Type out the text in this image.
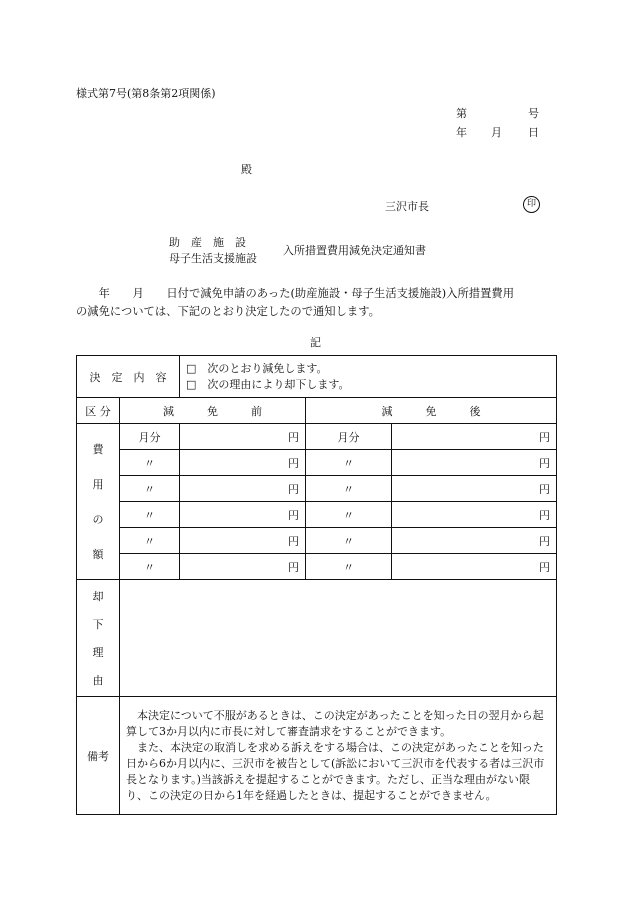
様式第7号(第8条第2項関係)
第	号
年 月 日
殿
三沢市長	印
助　産　施　設
母子生活支援施設
入所措置費用減免決定通知書
　　年　　月　　日付で減免申請のあった(助産施設・母子生活支援施設)入所措置費用
の減免については、下記のとおり決定したので通知します。
記
決　定　内　容		□　次のとおり減免します。
□　次の理由により却下します。		

区 分	減　　　免　　　前		減　　　免　　　後	

費
用
の
額	月分	円	月分	円
	〃	円	〃	円
	〃	円	〃	円
	〃	円	〃	円
	〃	円	〃	円
	〃	円	〃	円

却
下
理
由				

備考	　本決定について不服があるときは、この決定があったことを知った日の翌月から起算して3か月以内に市長に対して審査請求をすることができます。
　また、本決定の取消しを求める訴えをする場合は、この決定があったことを知った日から6か月以内に、三沢市を被告として(訴訟において三沢市を代表する者は三沢市長となります。)当該訴えを提起することができます。ただし、正当な理由がない限り、この決定の日から1年を経過したときは、提起することができません。			
